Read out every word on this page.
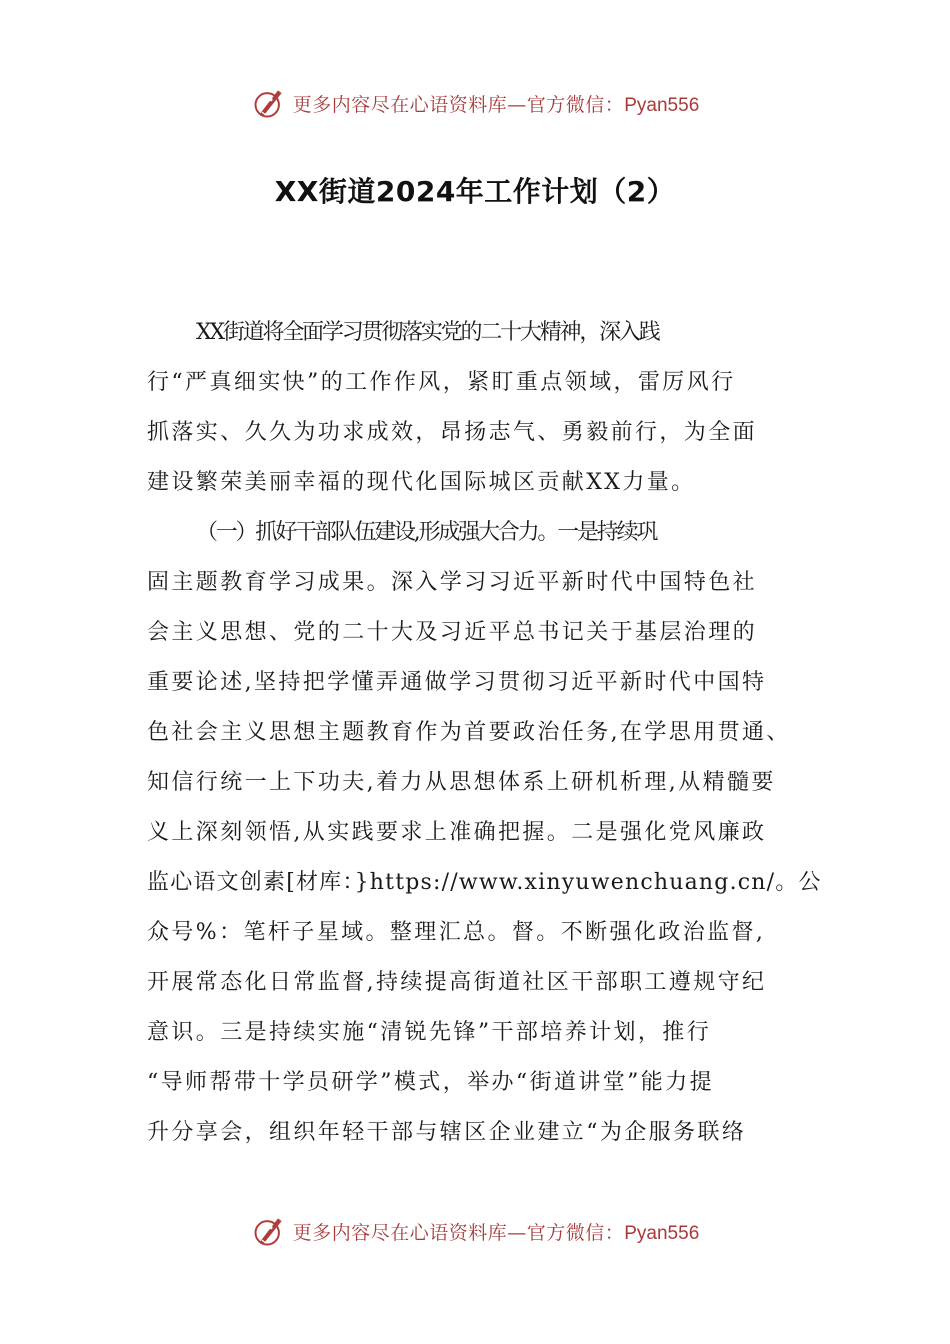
更多内容尽在心语资料库—官方微信：Pyan556
XX街道2024年工作计划（2）
XX街道将全面学习贯彻落实党的二十大精神，深入践
行“严真细实快”的工作作风，紧盯重点领域，雷厉风行
抓落实、久久为功求成效，昂扬志气、勇毅前行，为全面
建设繁荣美丽幸福的现代化国际城区贡献XX力量。
（一）抓好干部队伍建设,形成强大合力。一是持续巩
固主题教育学习成果。深入学习习近平新时代中国特色社
会主义思想、党的二十大及习近平总书记关于基层治理的
重要论述,坚持把学懂弄通做学习贯彻习近平新时代中国特
色社会主义思想主题教育作为首要政治任务,在学思用贯通、
知信行统一上下功夫,着力从思想体系上研机析理,从精髓要
义上深刻领悟,从实践要求上准确把握。二是强化党风廉政
监心语文创素[材库：}https://www.xinyuwenchuang.cn/。公
众号%：笔杆子星域。整理汇总。督。不断强化政治监督,
开展常态化日常监督,持续提高街道社区干部职工遵规守纪
意识。三是持续实施“清锐先锋”干部培养计划，推行
“导师帮带十学员研学”模式，举办“街道讲堂”能力提
升分享会，组织年轻干部与辖区企业建立“为企服务联络
更多内容尽在心语资料库—官方微信：Pyan556
